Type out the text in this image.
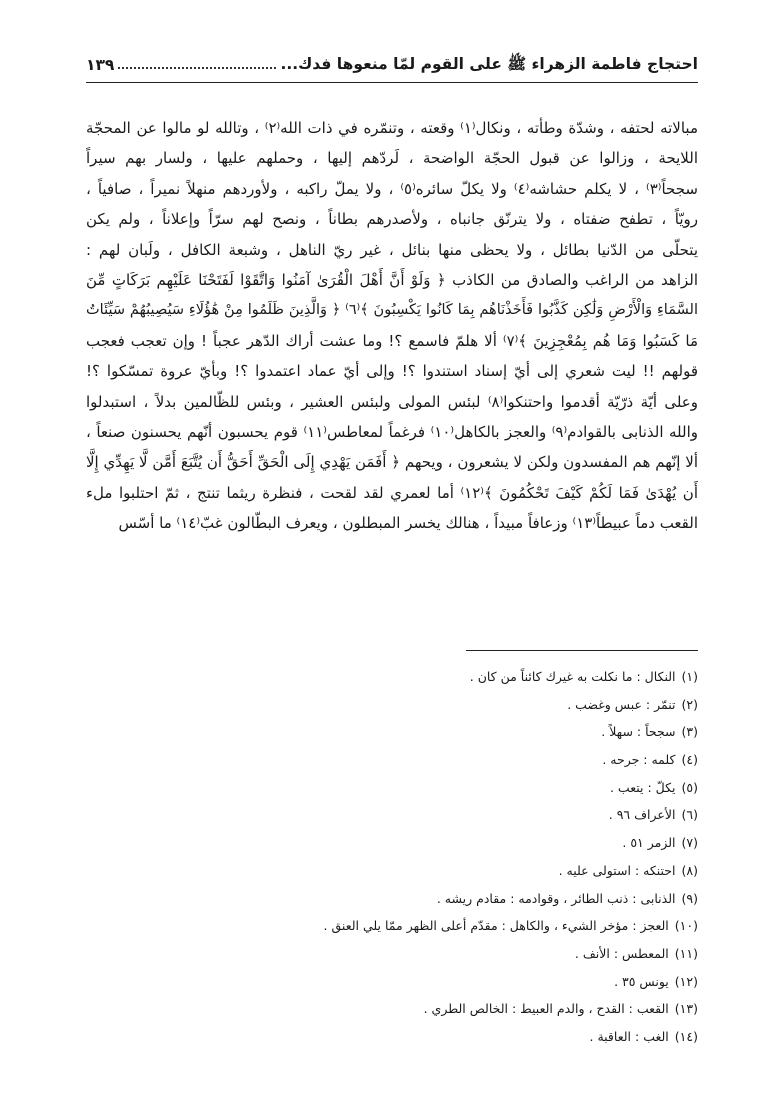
احتجاج فاطمة الزهراء ﷺ على القوم لمّا منعوها فدك...
١٣٩
مبالاته لحتفه ، وشدّة وطأته ، ونكال⁽١⁾ وقعته ، وتنمّره في ذات الله⁽٢⁾ ، وتالله لو مالوا عن المحجّة
اللايحة ، وزالوا عن قبول الحجّة الواضحة ، لَردّهم إليها ، وحملهم عليها ، ولسار بهم سيراً
سجحاً⁽٣⁾ ، لا يكلم حشاشه⁽٤⁾ ولا يكلّ سائره⁽٥⁾ ، ولا يملّ راكبه ، ولأوردهم منهلاً نميراً ، صافياً ،
رويّاً ، تطفح ضفتاه ، ولا يترنّق جانباه ، ولأصدرهم بطاناً ، ونصح لهم سرّاً وإعلاناً ، ولم يكن
يتحلّى من الدّنيا بطائل ، ولا يحظى منها بنائل ، غير ريّ الناهل ، وشبعة الكافل ، ولَبان لهم :
الزاهد من الراغب والصادق من الكاذب ﴿ وَلَوْ أَنَّ أَهْلَ الْقُرَىٰ آمَنُوا وَاتَّقَوْا لَفَتَحْنَا عَلَيْهِم بَرَكَاتٍ مِّنَ
السَّمَاءِ وَالْأَرْضِ وَلَٰكِن كَذَّبُوا فَأَخَذْنَاهُم بِمَا كَانُوا يَكْسِبُونَ ﴾⁽٦⁾ ﴿ وَالَّذِينَ ظَلَمُوا مِنْ هَٰؤُلَاءِ سَيُصِيبُهُمْ سَيِّئَاتُ
مَا كَسَبُوا وَمَا هُم بِمُعْجِزِينَ ﴾⁽٧⁾ ألا هلمّ فاسمع ؟! وما عشت أراك الدّهر عجباً ! وإن تعجب فعجب
قولهم !! ليت شعري إلى أيّ إسناد استندوا ؟! وإلى أيّ عماد اعتمدوا ؟! وبأيّ عروة تمسّكوا ؟!
وعلى أيّة ذرّيّة أقدموا واحتنكوا⁽٨⁾ لبئس المولى ولبئس العشير ، وبئس للظّالمين بدلاً ، استبدلوا
والله الذنابى بالقوادم⁽٩⁾ والعجز بالكاهل⁽١٠⁾ فرغماً لمعاطس⁽١١⁾ قوم يحسبون أنّهم يحسنون صنعاً ،
ألا إنّهم هم المفسدون ولكن لا يشعرون ، ويحهم ﴿ أَفَمَن يَهْدِي إِلَى الْحَقِّ أَحَقُّ أَن يُتَّبَعَ أَمَّن لَّا يَهِدِّي إِلَّا
أَن يُهْدَىٰ فَمَا لَكُمْ كَيْفَ تَحْكُمُونَ ﴾⁽١٢⁾ أما لعمري لقد لقحت ، فنظرة ريثما تنتج ، ثمّ احتلبوا ملء
القعب دماً عبيطاً⁽١٣⁾ وزعافاً مبيداً ، هنالك يخسر المبطلون ، ويعرف البطّالون غبّ⁽١٤⁾ ما أسّس
(١)النكال : ما نكلت به غيرك كائناً من كان .
(٢)تنمّر : عبس وغضب .
(٣)سجحاً : سهلاً .
(٤)كلمه : جرحه .
(٥)يكلّ : يتعب .
(٦)الأعراف ٩٦ .
(٧)الزمر ٥١ .
(٨)احتنكه : استولى عليه .
(٩)الذنابى : ذنب الطائر ، وقوادمه : مقادم ريشه .
(١٠)العجز : مؤخر الشيء ، والكاهل : مقدّم أعلى الظهر ممّا يلي العنق .
(١١)المعطس : الأنف .
(١٢)يونس ٣٥ .
(١٣)القعب : القدح ، والدم العبيط : الخالص الطري .
(١٤)الغب : العاقبة .
